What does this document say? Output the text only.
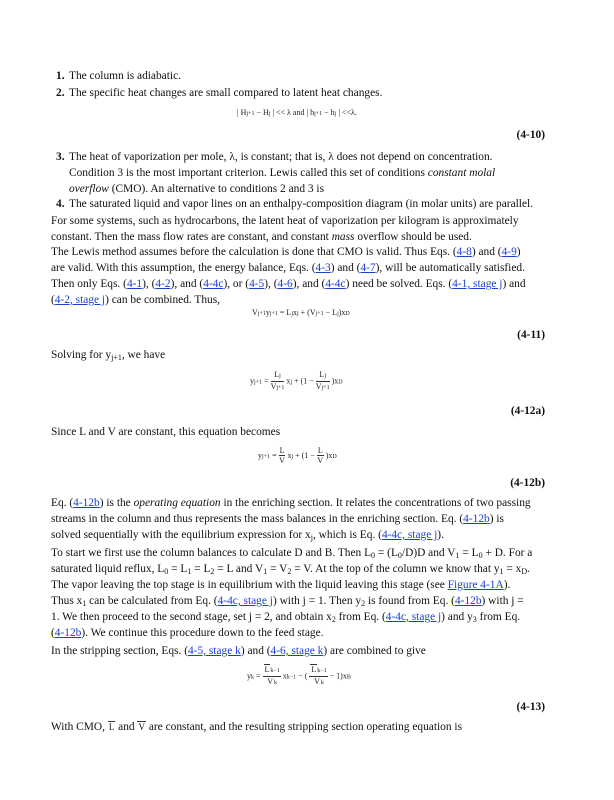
1. The column is adiabatic.
2. The specific heat changes are small compared to latent heat changes.
| Hj+1 − Hj | << λ and | hj+1 − hj | <<λ.
(4-10)
3. The heat of vaporization per mole, λ, is constant; that is, λ does not depend on concentration.
Condition 3 is the most important criterion. Lewis called this set of conditions constant molal
overflow (CMO). An alternative to conditions 2 and 3 is
4. The saturated liquid and vapor lines on an enthalpy-composition diagram (in molar units) are parallel.
For some systems, such as hydrocarbons, the latent heat of vaporization per kilogram is approximately
constant. Then the mass flow rates are constant, and constant mass overflow should be used.
The Lewis method assumes before the calculation is done that CMO is valid. Thus Eqs. (4-8) and (4-9)
are valid. With this assumption, the energy balance, Eqs. (4-3) and (4-7), will be automatically satisfied.
Then only Eqs. (4-1), (4-2), and (4-4c), or (4-5), (4-6), and (4-4c) need be solved. Eqs. (4-1, stage j) and
(4-2, stage j) can be combined. Thus,
Vj+1yj+1 = Ljxj + (Vj+1 − Lj)xD
(4-11)
Solving for $y_{j+1}$, we have
$yj+1 = \frac{Lj}{Vj+1}$ xj + $(1 - \frac{Lj}{Vj+1} )xD$
(4-12a)
Since L and V are constant, this equation becomes
$yj+1 = \frac{L}{V}$ xj + $(1 - \frac{L}{V} )xD$
(4-12b)
Eq. (4-12b) is the operating equation in the enriching section. It relates the concentrations of two passing
streams in the column and thus represents the mass balances in the enriching section. Eq. (4-12b) is
solved sequentially with the equilibrium expression for $x_j$, which is Eq. (4-4c, stage j).
To start we first use the column balances to calculate D and B. Then $L_0 = (L_0/D)D$ and $V_1 = L_0 + D$. For a
saturated liquid reflux, $L_0 = L_1 = L_2 = L$ and $V_1 = V_2 = V$. At the top of the column we know that $y_1 = x_D$.
The vapor leaving the top stage is in equilibrium with the liquid leaving this stage (see Figure 4-1A).
Thus $x_1$ can be calculated from Eq. (4-4c, stage j) with j = 1. Then $y_2$ is found from Eq. (4-12b) with j =
1. We then proceed to the second stage, set j = 2, and obtain $x_2$ from Eq. (4-4c, stage j) and $y_3$ from Eq.
(4-12b). We continue this procedure down to the feed stage.
In the stripping section, Eqs. (4-5, stage k) and (4-6, stage k) are combined to give
yk = $\frac{Lk-1}{Vk} xk-1$ − ( $\frac{Lk-1}{Vk} - 1)xB$
(4-13)
With CMO, L and V are constant, and the resulting stripping section operating equation is
